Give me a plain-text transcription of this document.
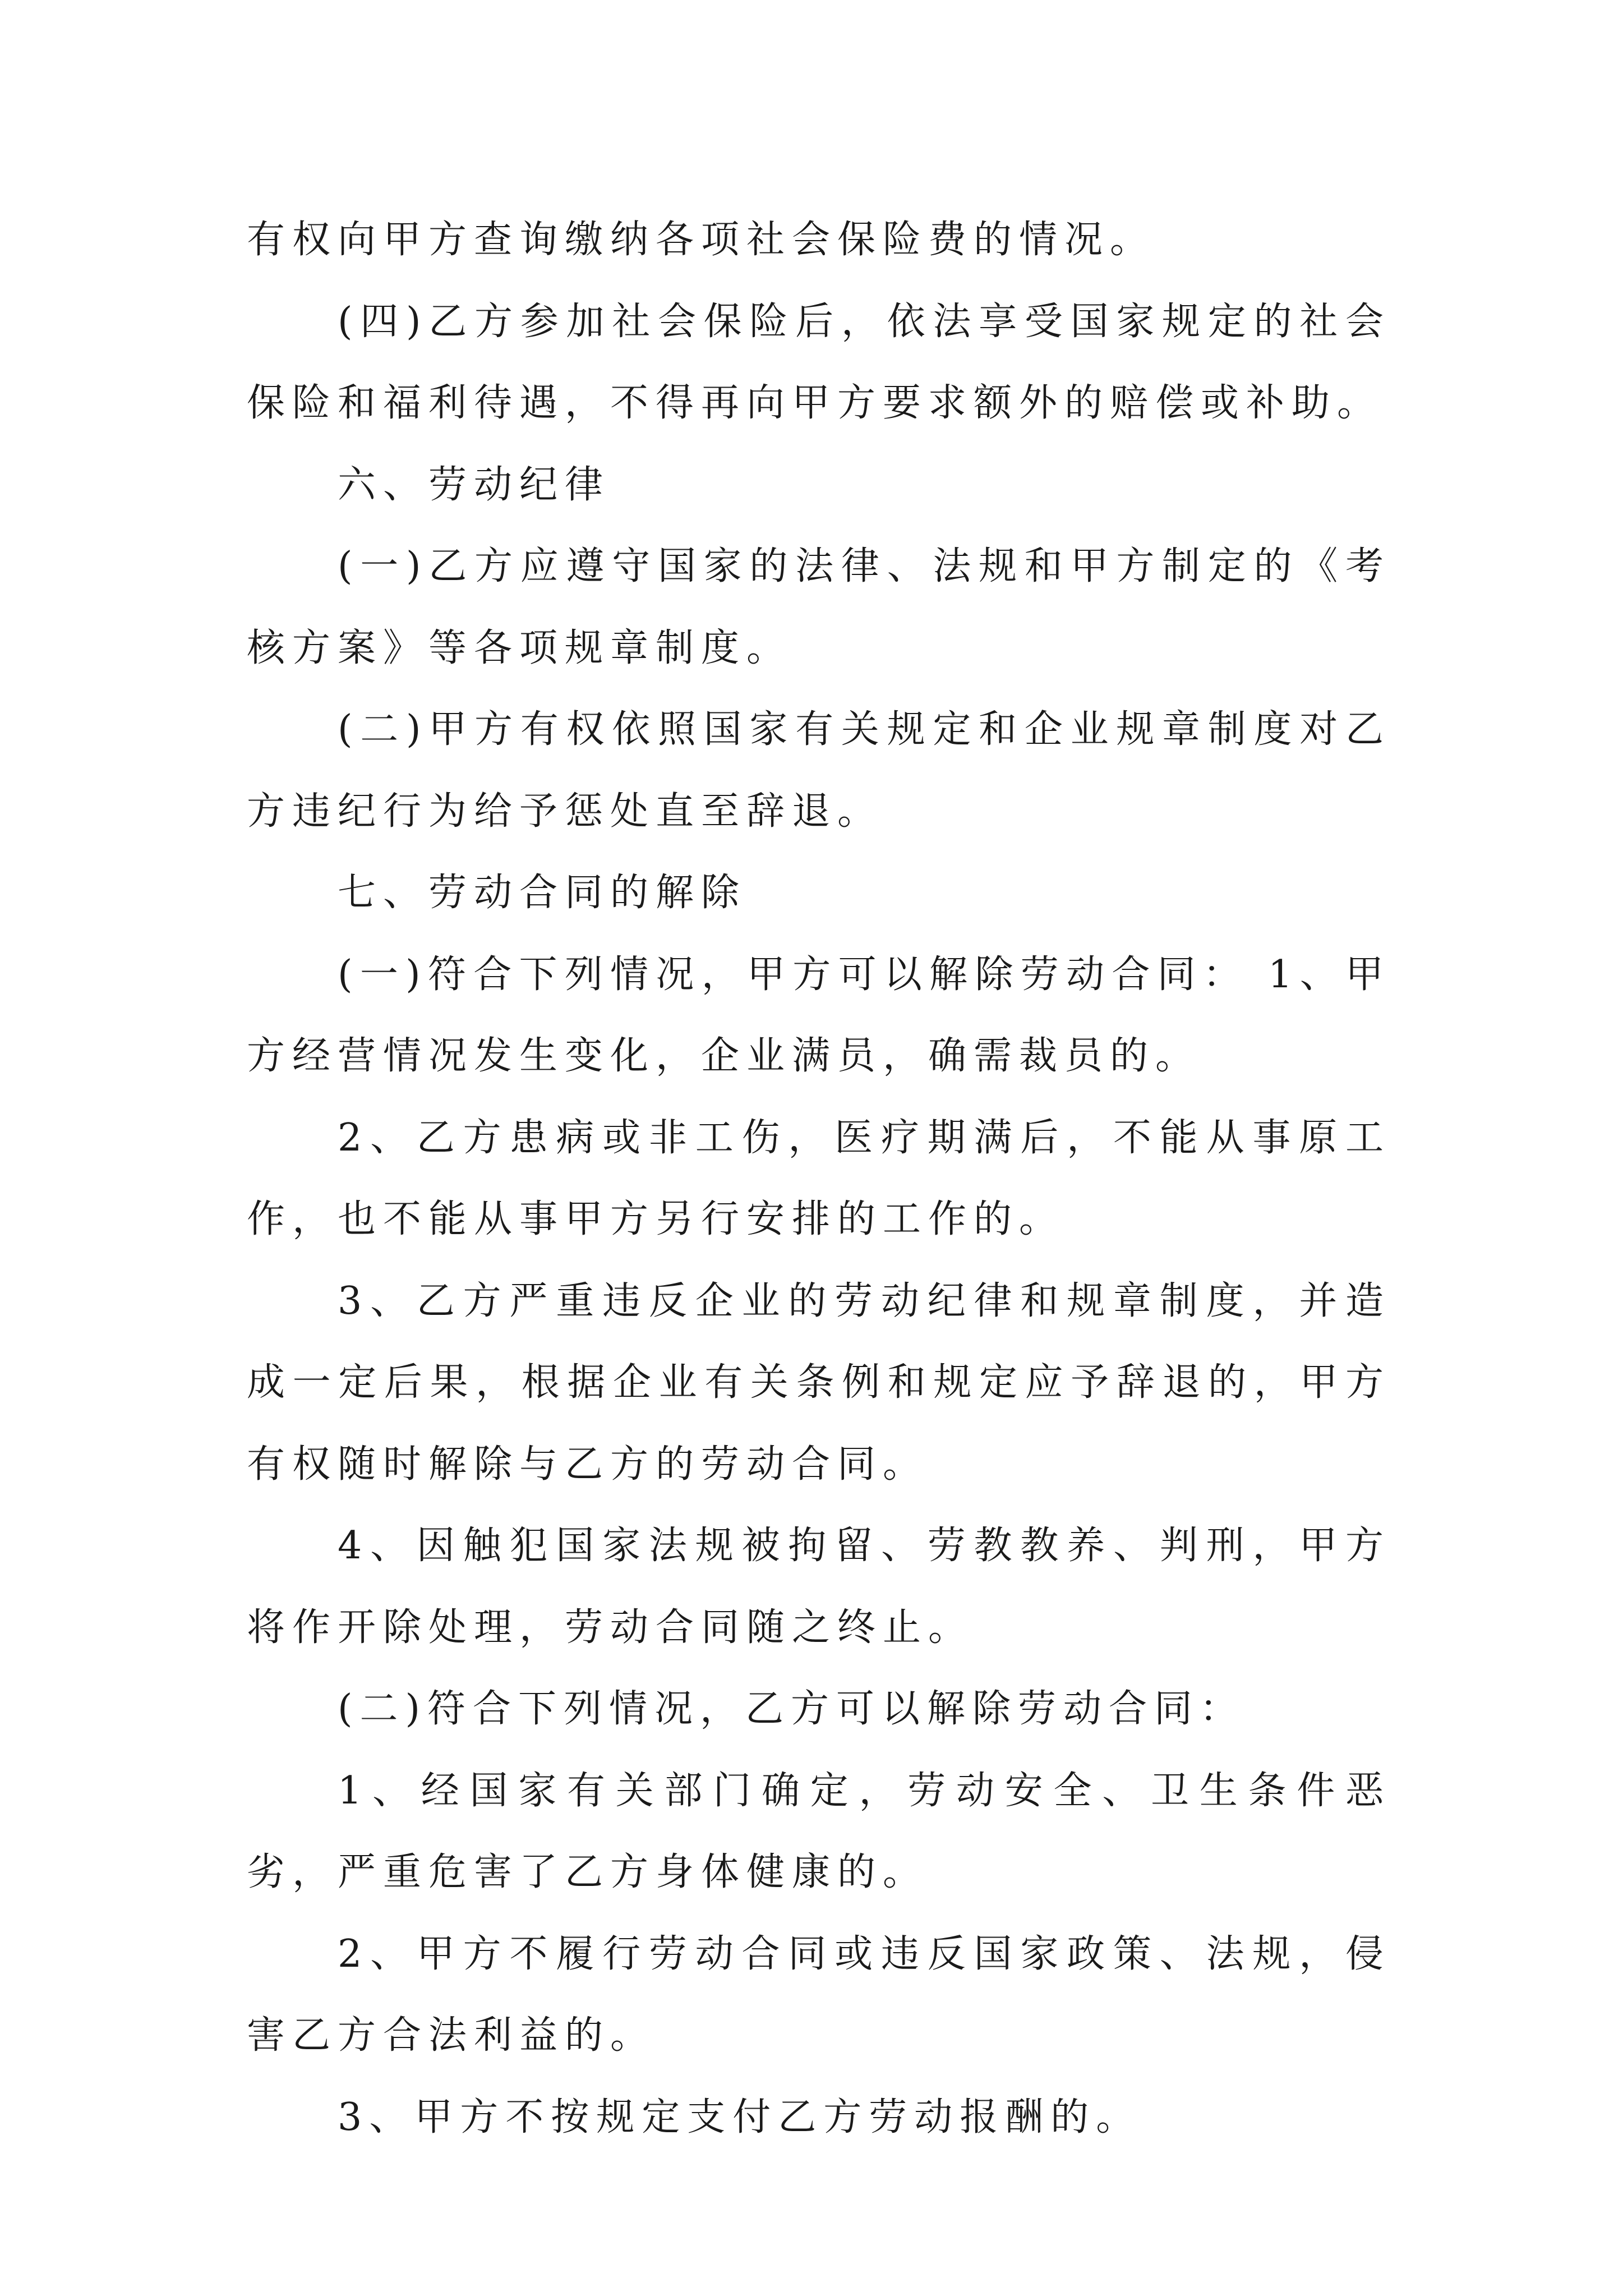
有权向甲方查询缴纳各项社会保险费的情况。

(四)乙方参加社会保险后，依法享受国家规定的社会保险和福利待遇，不得再向甲方要求额外的赔偿或补助。

六、劳动纪律

(一)乙方应遵守国家的法律、法规和甲方制定的《考核方案》等各项规章制度。

(二)甲方有权依照国家有关规定和企业规章制度对乙方违纪行为给予惩处直至辞退。

七、劳动合同的解除

(一)符合下列情况，甲方可以解除劳动合同： 1、甲方经营情况发生变化，企业满员，确需裁员的。

2、乙方患病或非工伤，医疗期满后，不能从事原工作，也不能从事甲方另行安排的工作的。

3、乙方严重违反企业的劳动纪律和规章制度，并造成一定后果，根据企业有关条例和规定应予辞退的，甲方有权随时解除与乙方的劳动合同。

4、因触犯国家法规被拘留、劳教教养、判刑，甲方将作开除处理，劳动合同随之终止。

(二)符合下列情况，乙方可以解除劳动合同：

1、经国家有关部门确定，劳动安全、卫生条件恶劣，严重危害了乙方身体健康的。

2、甲方不履行劳动合同或违反国家政策、法规，侵害乙方合法利益的。

3、甲方不按规定支付乙方劳动报酬的。
